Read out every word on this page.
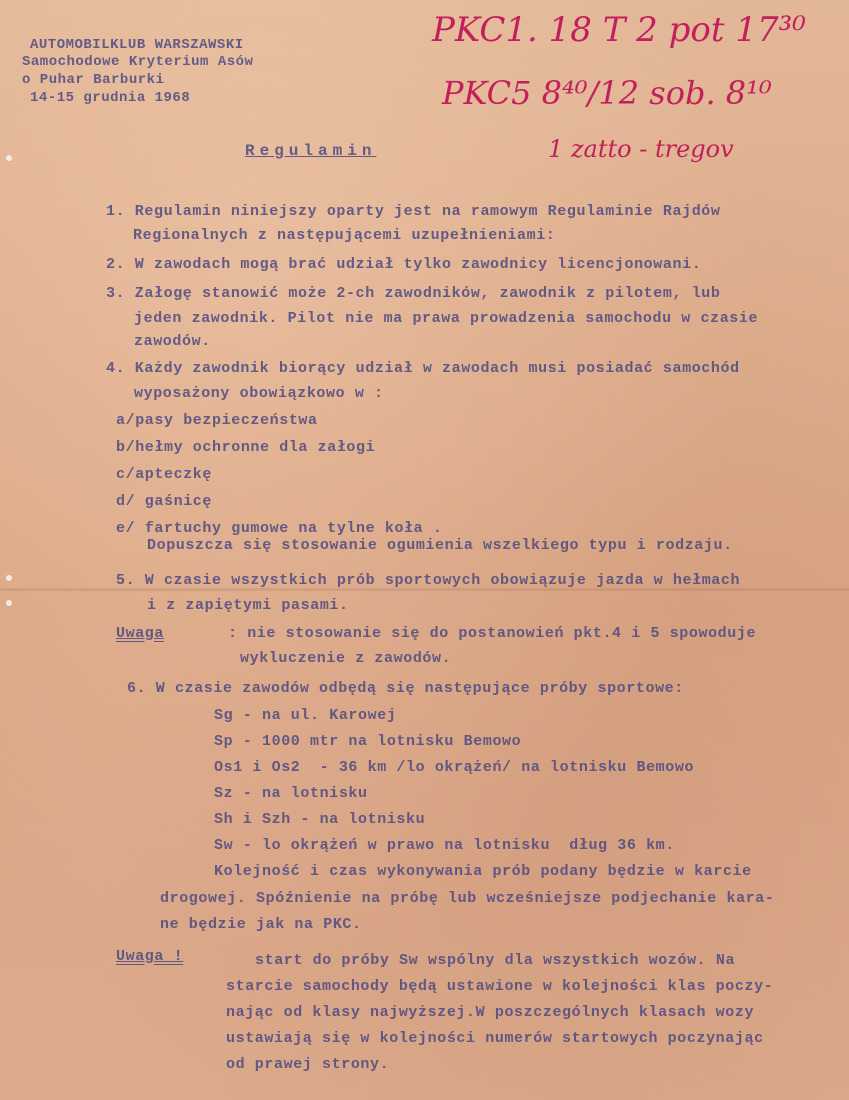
AUTOMOBILKLUB WARSZAWSKI
Samochodowe Kryterium Asów
o Puhar Barburki
14-15 grudnia 1968
PKC1. 18 T 2 pot 17³⁰
PKC5 8⁴⁰/12 sob. 8¹⁰
1 zatto - tregov
Regulamin
1. Regulamin niniejszy oparty jest na ramowym Regulaminie Rajdów
Regionalnych z następującemi uzupełnieniami:
2. W zawodach mogą brać udział tylko zawodnicy licencjonowani.
3. Załogę stanowić może 2-ch zawodników, zawodnik z pilotem, lub
jeden zawodnik. Pilot nie ma prawa prowadzenia samochodu w czasie
zawodów.
4. Każdy zawodnik biorący udział w zawodach musi posiadać samochód
wyposażony obowiązkowo w :
a/pasy bezpieczeństwa
b/hełmy ochronne dla załogi
c/apteczkę
d/ gaśnicę
e/ fartuchy gumowe na tylne koła .
Dopuszcza się stosowanie ogumienia wszelkiego typu i rodzaju.
5. W czasie wszystkich prób sportowych obowiązuje jazda w hełmach
i z zapiętymi pasami.
Uwaga	: nie stosowanie się do postanowień pkt.4 i 5 spowoduje
wykluczenie z zawodów.
6. W czasie zawodów odbędą się następujące próby sportowe:
Sg - na ul. Karowej
Sp - 1000 mtr na lotnisku Bemowo
Os1 i Os2  - 36 km /lo okrążeń/ na lotnisku Bemowo
Sz - na lotnisku
Sh i Szh - na lotnisku
Sw - lo okrążeń w prawo na lotnisku  dług 36 km.
Kolejność i czas wykonywania prób podany będzie w karcie
drogowej. Spóźnienie na próbę lub wcześniejsze podjechanie kara-
ne będzie jak na PKC.
Uwaga !	start do próby Sw wspólny dla wszystkich wozów. Na
starcie samochody będą ustawione w kolejności klas poczy-
nając od klasy najwyższej.W poszczególnych klasach wozy
ustawiają się w kolejności numerów startowych poczynając
od prawej strony.
